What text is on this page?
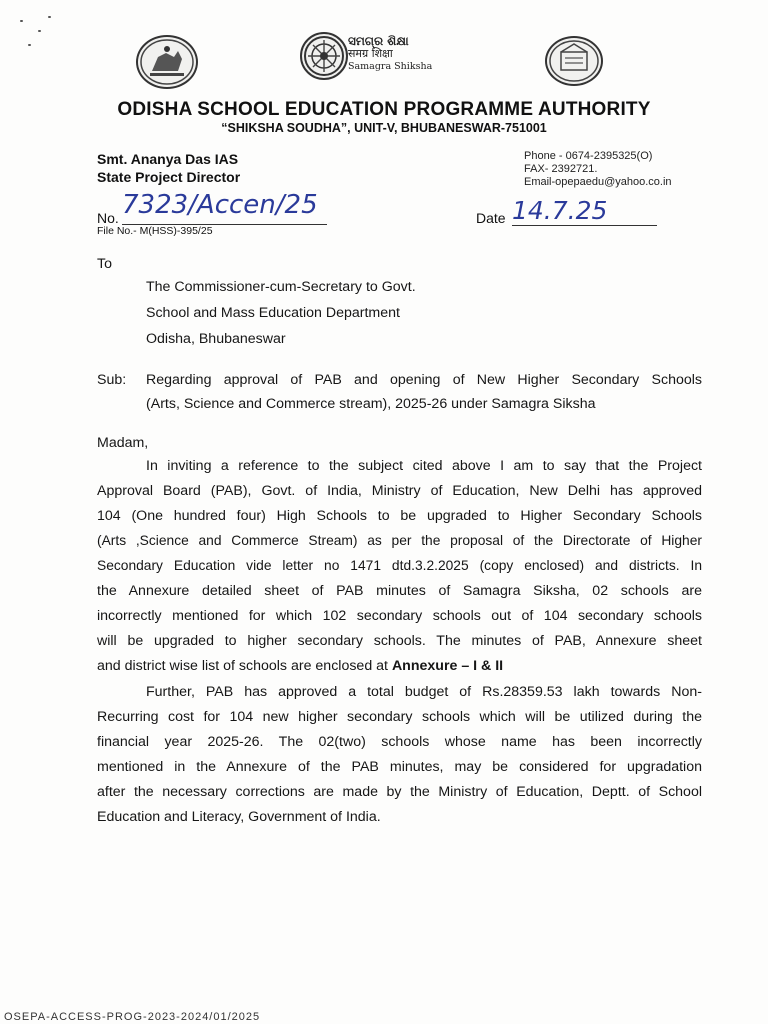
ସମଗ୍ର ଶିକ୍ଷା
समग्र शिक्षा
Samagra Shiksha
ODISHA SCHOOL EDUCATION PROGRAMME AUTHORITY
“SHIKSHA SOUDHA”, UNIT-V, BHUBANESWAR-751001
Smt. Ananya Das IAS
State Project Director
Phone - 0674-2395325(O)
FAX- 2392721.
Email-opepaedu@yahoo.co.in
No. 7323/Accen/25
File No.- M(HSS)-395/25
Date 14.7.25
To
The Commissioner-cum-Secretary to Govt.
School and Mass Education Department
Odisha, Bhubaneswar
Sub: Regarding approval of PAB and opening of New Higher Secondary Schools
(Arts, Science and Commerce stream), 2025-26 under Samagra Siksha
Madam,
In inviting a reference to the subject cited above I am to say that the Project
Approval Board (PAB), Govt. of India, Ministry of Education, New Delhi has approved
104 (One hundred four) High Schools to be upgraded to Higher Secondary Schools
(Arts ,Science and Commerce Stream) as per the proposal of the Directorate of Higher
Secondary Education vide letter no 1471 dtd.3.2.2025 (copy enclosed) and districts. In
the Annexure detailed sheet of PAB minutes of Samagra Siksha, 02 schools are
incorrectly mentioned for which 102 secondary schools out of 104 secondary schools
will be upgraded to higher secondary schools. The minutes of PAB, Annexure sheet
and district wise list of schools are enclosed at Annexure – I & II
Further, PAB has approved a total budget of Rs.28359.53 lakh towards Non-
Recurring cost for 104 new higher secondary schools which will be utilized during the
financial year 2025-26. The 02(two) schools whose name has been incorrectly
mentioned in the Annexure of the PAB minutes, may be considered for upgradation
after the necessary corrections are made by the Ministry of Education, Deptt. of School
Education and Literacy, Government of India.
OSEPA-ACCESS-PROG-2023-2024/01/2025
